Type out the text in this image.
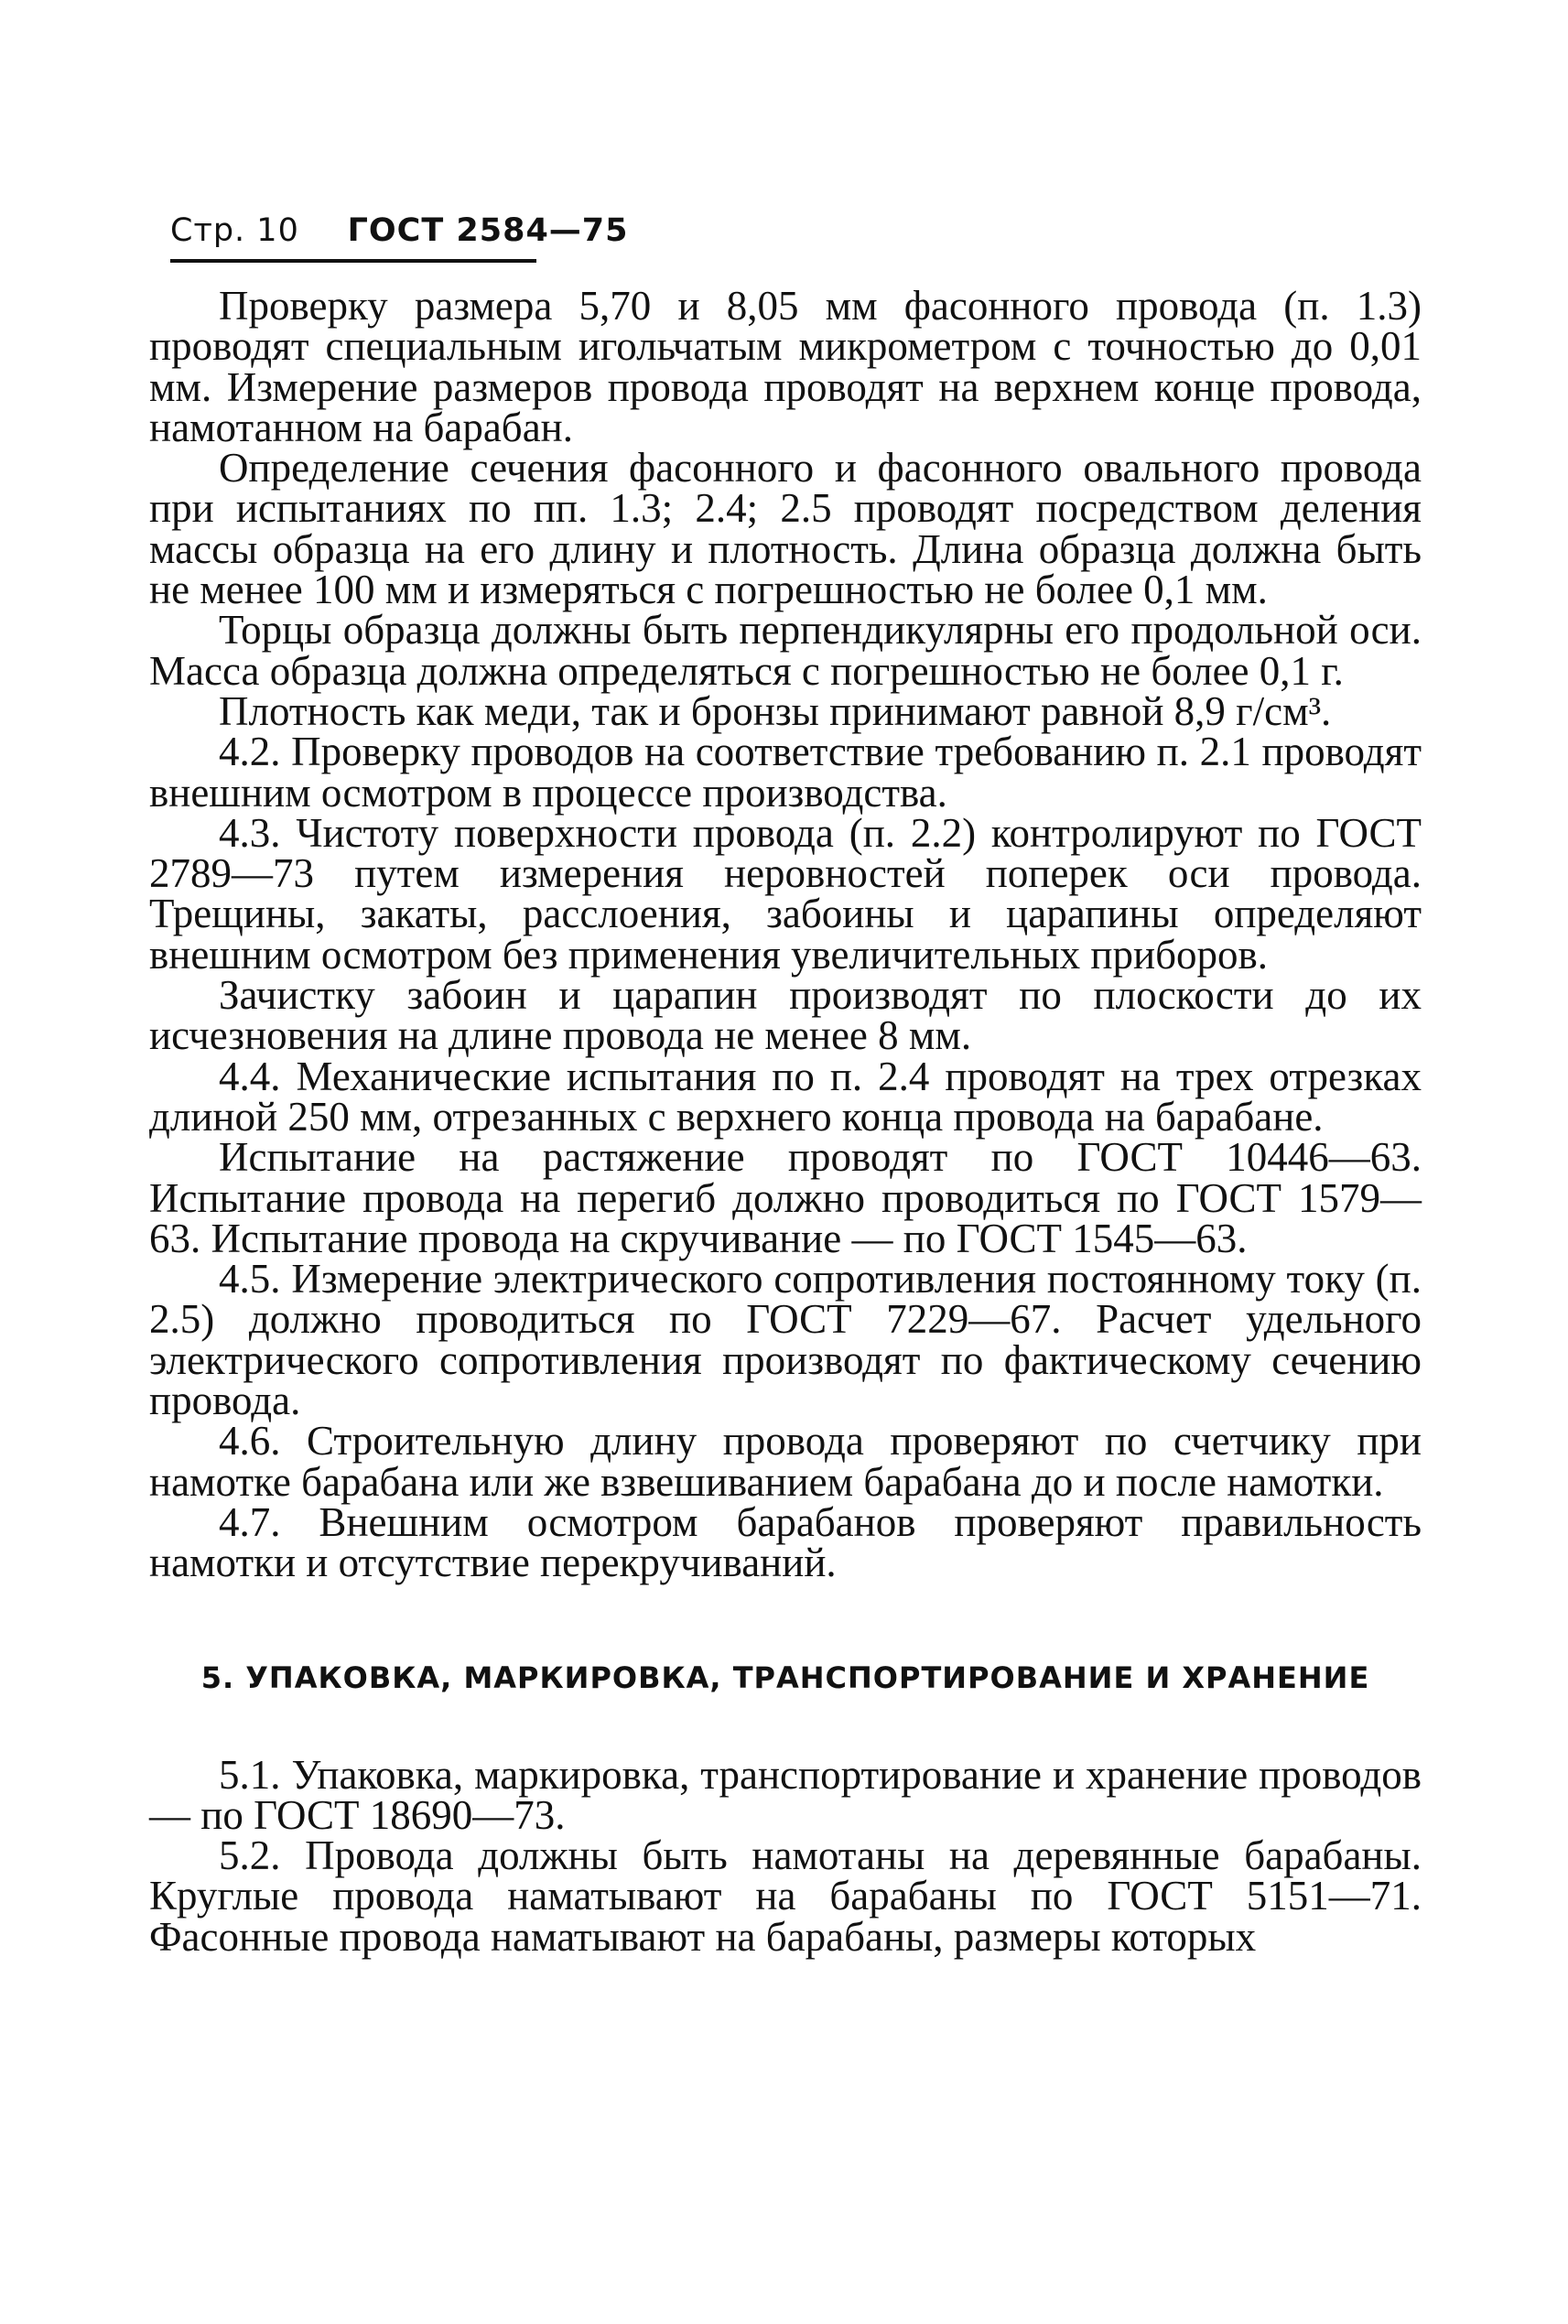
Стр. 10 ГОСТ 2584—75

Проверку размера 5,70 и 8,05 мм фасонного провода (п. 1.3) проводят специальным игольчатым микрометром с точностью до 0,01 мм. Измерение размеров провода проводят на верхнем конце провода, намотанном на барабан.

Определение сечения фасонного и фасонного овального провода при испытаниях по пп. 1.3; 2.4; 2.5 проводят посредством деления массы образца на его длину и плотность. Длина образца должна быть не менее 100 мм и измеряться с погрешностью не более 0,1 мм.

Торцы образца должны быть перпендикулярны его продольной оси. Масса образца должна определяться с погрешностью не более 0,1 г.

Плотность как меди, так и бронзы принимают равной 8,9 г/см³.

4.2. Проверку проводов на соответствие требованию п. 2.1 проводят внешним осмотром в процессе производства.

4.3. Чистоту поверхности провода (п. 2.2) контролируют по ГОСТ 2789—73 путем измерения неровностей поперек оси провода. Трещины, закаты, расслоения, забоины и царапины определяют внешним осмотром без применения увеличительных приборов.

Зачистку забоин и царапин производят по плоскости до их исчезновения на длине провода не менее 8 мм.

4.4. Механические испытания по п. 2.4 проводят на трех отрезках длиной 250 мм, отрезанных с верхнего конца провода на барабане.

Испытание на растяжение проводят по ГОСТ 10446—63. Испытание провода на перегиб должно проводиться по ГОСТ 1579—63. Испытание провода на скручивание — по ГОСТ 1545—63.

4.5. Измерение электрического сопротивления постоянному току (п. 2.5) должно проводиться по ГОСТ 7229—67. Расчет удельного электрического сопротивления производят по фактическому сечению провода.

4.6. Строительную длину провода проверяют по счетчику при намотке барабана или же взвешиванием барабана до и после намотки.

4.7. Внешним осмотром барабанов проверяют правильность намотки и отсутствие перекручиваний.

5. УПАКОВКА, МАРКИРОВКА, ТРАНСПОРТИРОВАНИЕ И ХРАНЕНИЕ

5.1. Упаковка, маркировка, транспортирование и хранение проводов — по ГОСТ 18690—73.

5.2. Провода должны быть намотаны на деревянные барабаны. Круглые провода наматывают на барабаны по ГОСТ 5151—71. Фасонные провода наматывают на барабаны, размеры которых
